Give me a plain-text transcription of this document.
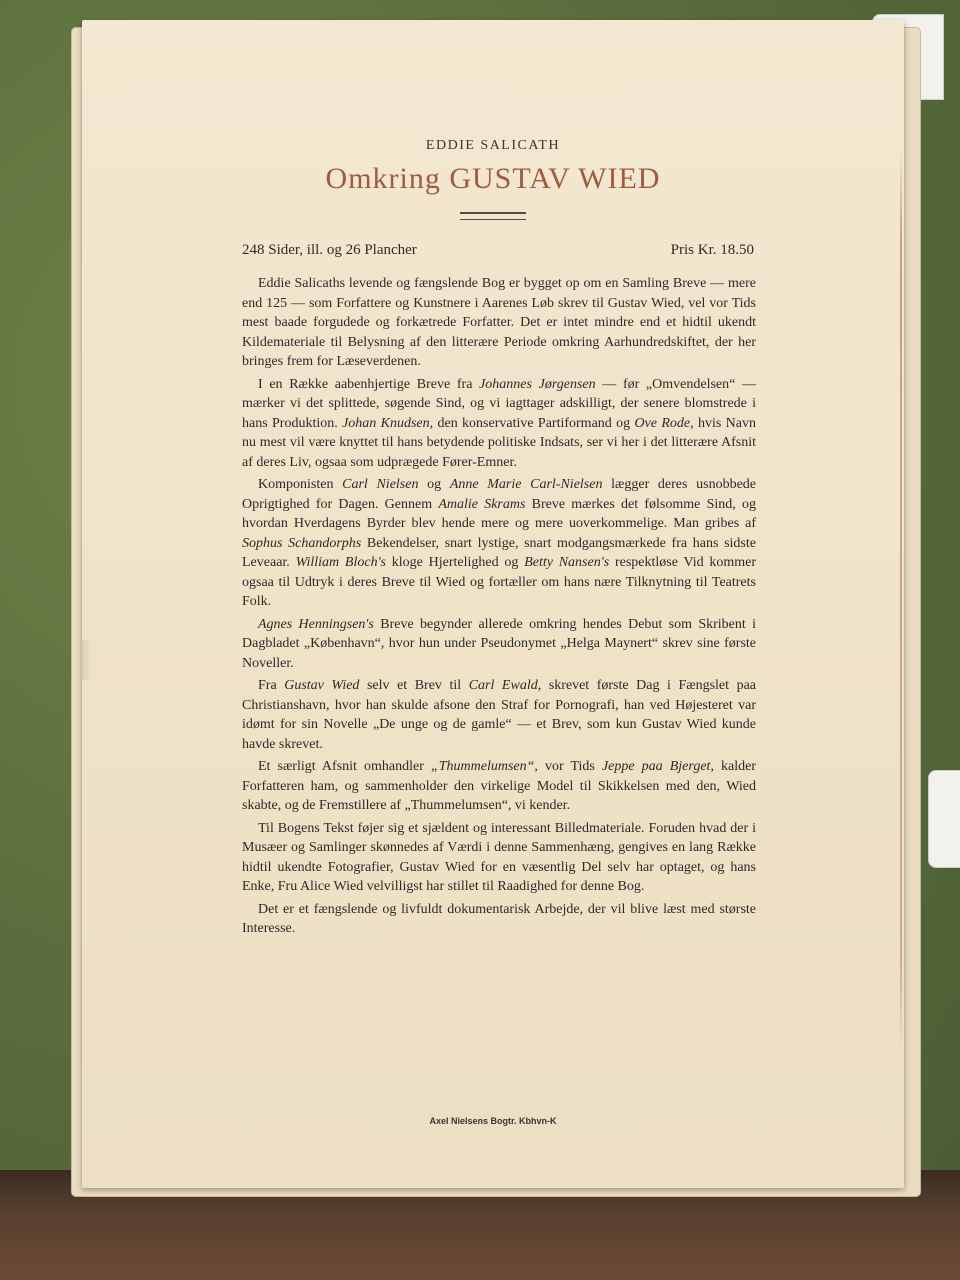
EDDIE SALICATH
Omkring GUSTAV WIED
248 Sider, ill. og 26 Plancher	Pris Kr. 18.50

Eddie Salicaths levende og fængslende Bog er bygget op om en Samling Breve — mere end 125 — som Forfattere og Kunstnere i Aarenes Løb skrev til Gustav Wied, vel vor Tids mest baade forgudede og forkætrede Forfatter. Det er intet mindre end et hidtil ukendt Kildemateriale til Belysning af den litterære Periode omkring Aarhundredskiftet, der her bringes frem for Læseverdenen.

I en Række aabenhjertige Breve fra Johannes Jørgensen — før „Omvendelsen“ — mærker vi det splittede, søgende Sind, og vi iagttager adskilligt, der senere blomstrede i hans Produktion. Johan Knudsen, den konservative Partiformand og Ove Rode, hvis Navn nu mest vil være knyttet til hans betydende politiske Indsats, ser vi her i det litterære Afsnit af deres Liv, ogsaa som udprægede Fører-Emner.

Komponisten Carl Nielsen og Anne Marie Carl-Nielsen lægger deres usnobbede Oprigtighed for Dagen. Gennem Amalie Skrams Breve mærkes det følsomme Sind, og hvordan Hverdagens Byrder blev hende mere og mere uoverkommelige. Man gribes af Sophus Schandorphs Bekendelser, snart lystige, snart modgangsmærkede fra hans sidste Leveaar. William Bloch's kloge Hjertelighed og Betty Nansen's respektløse Vid kommer ogsaa til Udtryk i deres Breve til Wied og fortæller om hans nære Tilknytning til Teatrets Folk.

Agnes Henningsen's Breve begynder allerede omkring hendes Debut som Skribent i Dagbladet „København“, hvor hun under Pseudonymet „Helga Maynert“ skrev sine første Noveller.

Fra Gustav Wied selv et Brev til Carl Ewald, skrevet første Dag i Fængslet paa Christianshavn, hvor han skulde afsone den Straf for Pornografi, han ved Højesteret var idømt for sin Novelle „De unge og de gamle“ — et Brev, som kun Gustav Wied kunde havde skrevet.

Et særligt Afsnit omhandler „Thummelumsen“, vor Tids Jeppe paa Bjerget, kalder Forfatteren ham, og sammenholder den virkelige Model til Skikkelsen med den, Wied skabte, og de Fremstillere af „Thummelumsen“, vi kender.

Til Bogens Tekst føjer sig et sjældent og interessant Billedmateriale. Foruden hvad der i Musæer og Samlinger skønnedes af Værdi i denne Sammenhæng, gengives en lang Række hidtil ukendte Fotografier, Gustav Wied for en væsentlig Del selv har optaget, og hans Enke, Fru Alice Wied velvilligst har stillet til Raadighed for denne Bog.

Det er et fængslende og livfuldt dokumentarisk Arbejde, der vil blive læst med største Interesse.

Axel Nielsens Bogtr. Kbhvn-K
